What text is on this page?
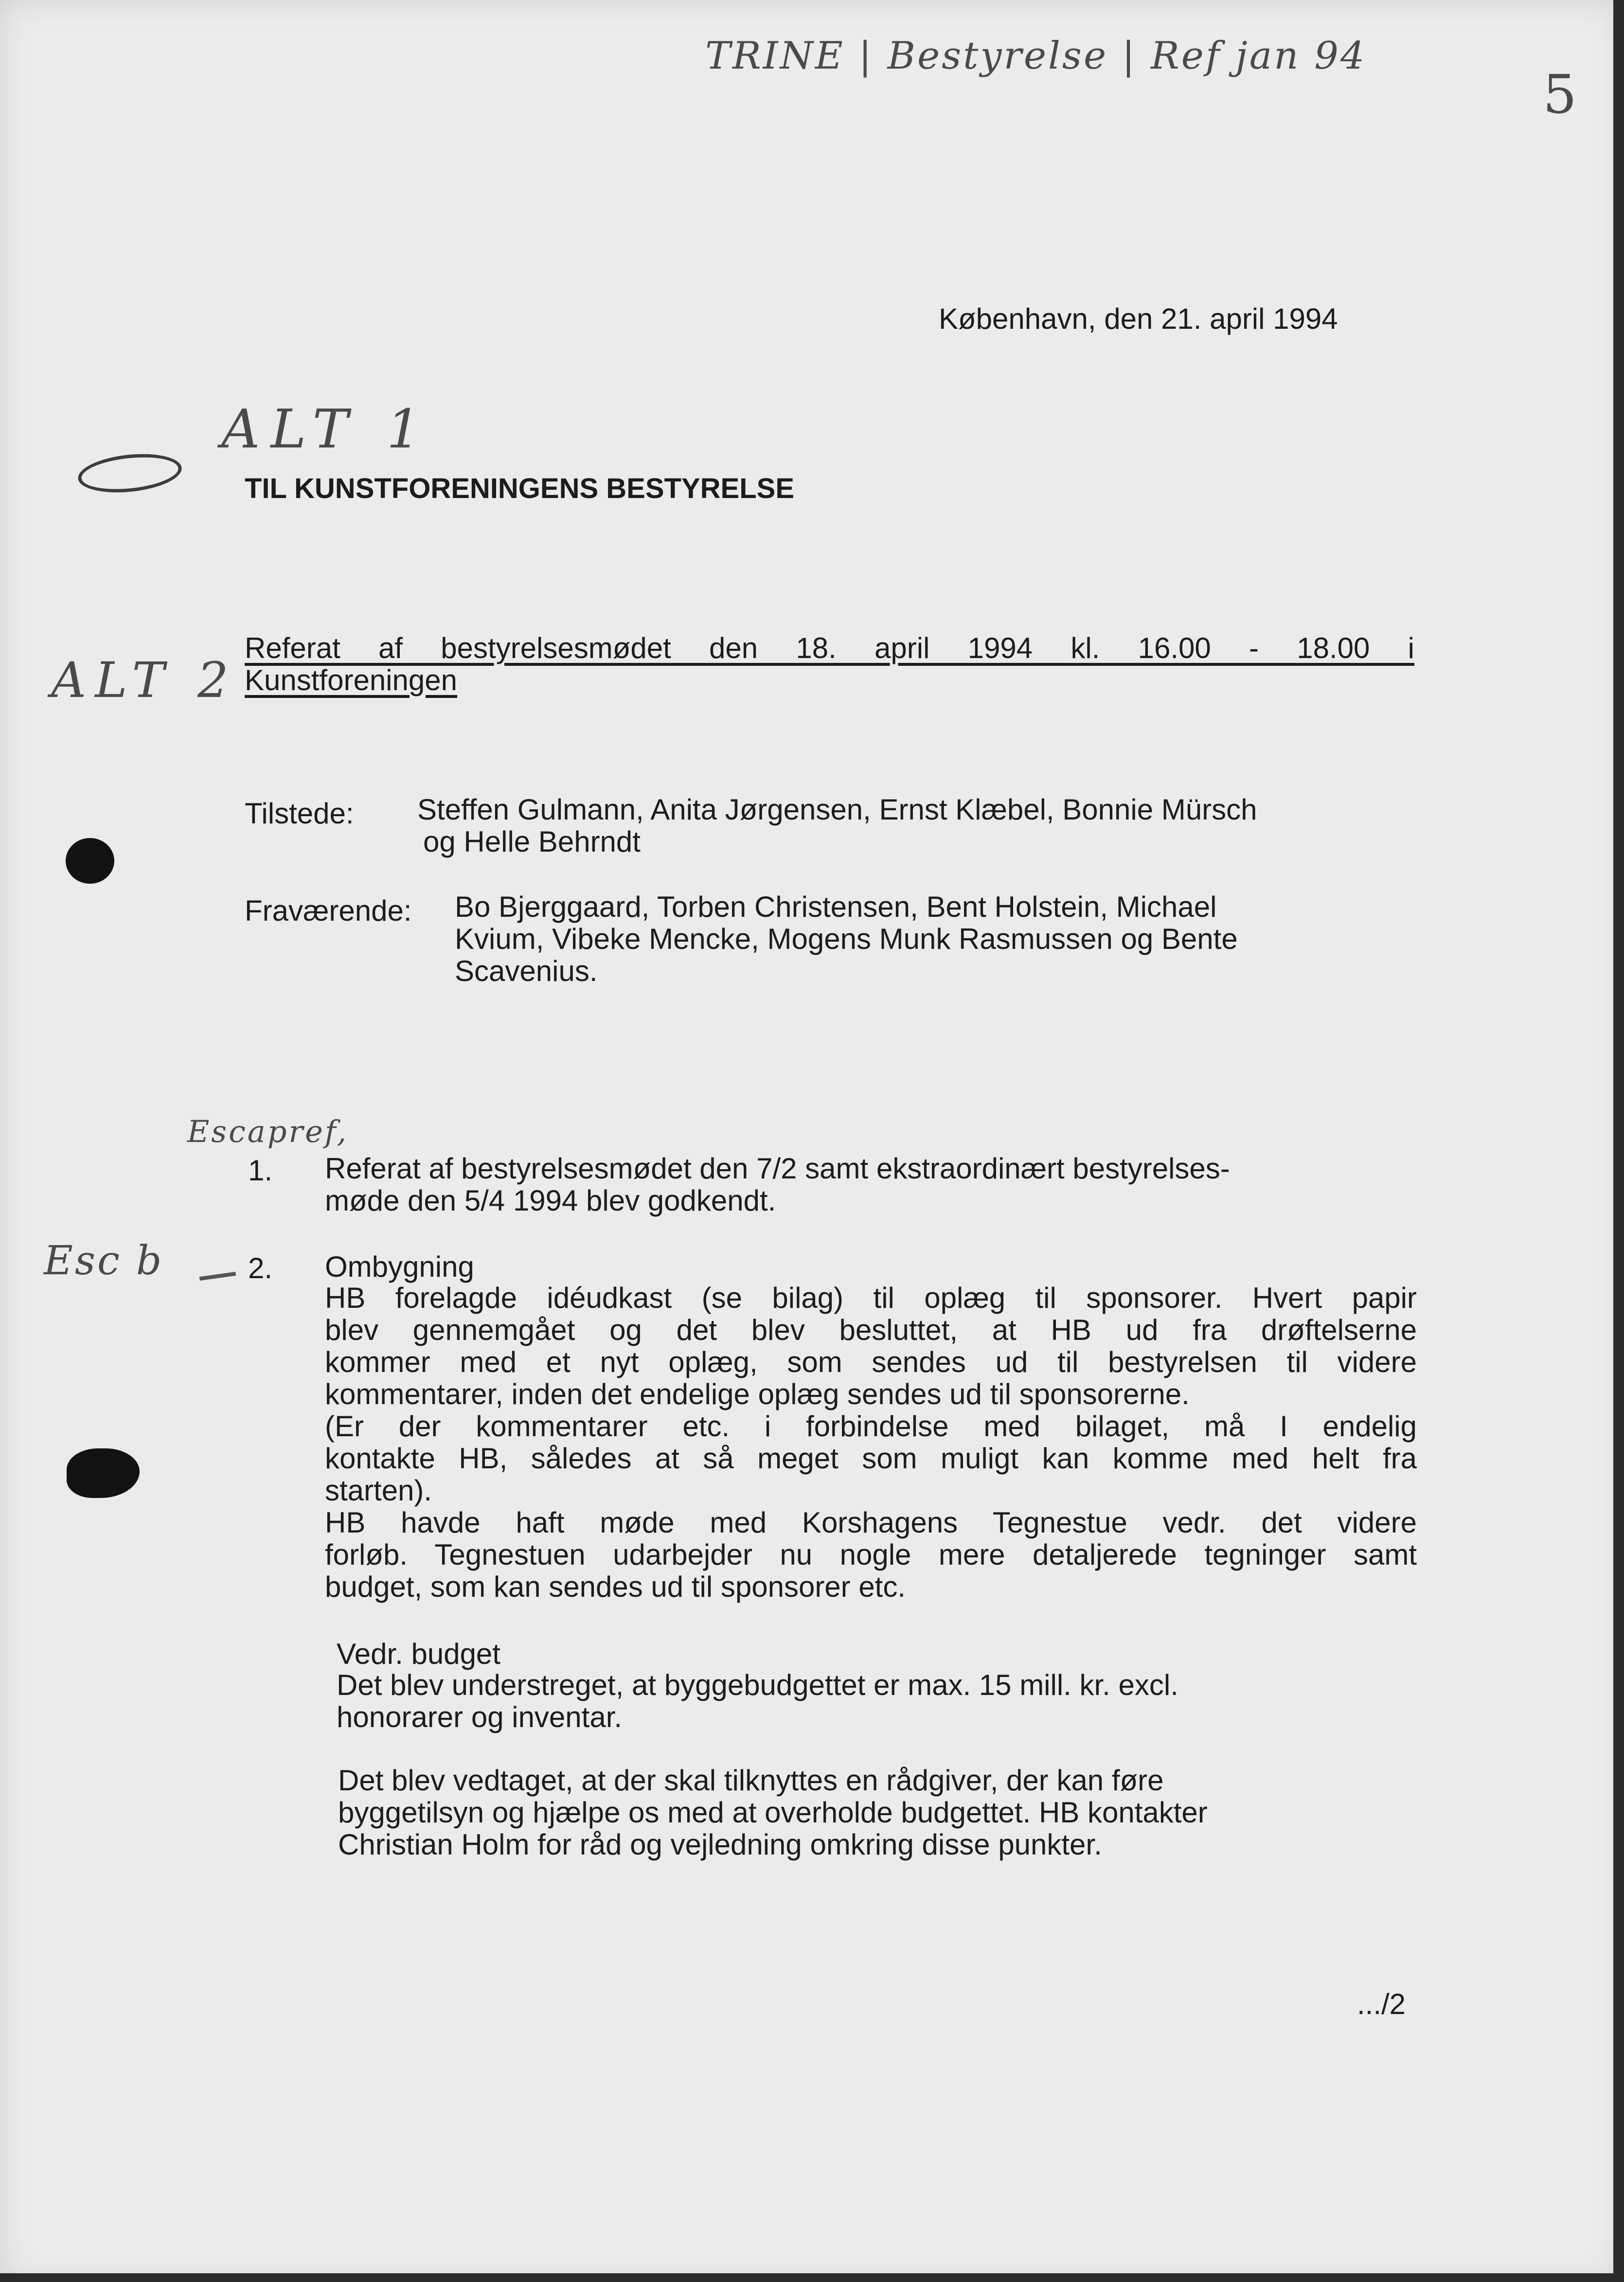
TRINE | Bestyrelse | Ref jan 94
5
ALT 1
ALT 2
Escapref,
Esc b
København, den 21. april 1994
TIL KUNSTFORENINGENS BESTYRELSE
Referat af bestyrelsesmødet den 18. april 1994 kl. 16.00 - 18.00 i
Kunstforeningen
Tilstede: Steffen Gulmann, Anita Jørgensen, Ernst Klæbel, Bonnie Mürsch
og Helle Behrndt
Fraværende: Bo Bjerggaard, Torben Christensen, Bent Holstein, Michael
Kvium, Vibeke Mencke, Mogens Munk Rasmussen og Bente
Scavenius.
1. Referat af bestyrelsesmødet den 7/2 samt ekstraordinært bestyrelses-
møde den 5/4 1994 blev godkendt.
2. Ombygning
HB forelagde idéudkast (se bilag) til oplæg til sponsorer. Hvert papir
blev gennemgået og det blev besluttet, at HB ud fra drøftelserne
kommer med et nyt oplæg, som sendes ud til bestyrelsen til videre
kommentarer, inden det endelige oplæg sendes ud til sponsorerne.
(Er der kommentarer etc. i forbindelse med bilaget, må I endelig
kontakte HB, således at så meget som muligt kan komme med helt fra
starten).
HB havde haft møde med Korshagens Tegnestue vedr. det videre
forløb. Tegnestuen udarbejder nu nogle mere detaljerede tegninger samt
budget, som kan sendes ud til sponsorer etc.
Vedr. budget
Det blev understreget, at byggebudgettet er max. 15 mill. kr. excl.
honorarer og inventar.
Det blev vedtaget, at der skal tilknyttes en rådgiver, der kan føre
byggetilsyn og hjælpe os med at overholde budgettet. HB kontakter
Christian Holm for råd og vejledning omkring disse punkter.
.../2
